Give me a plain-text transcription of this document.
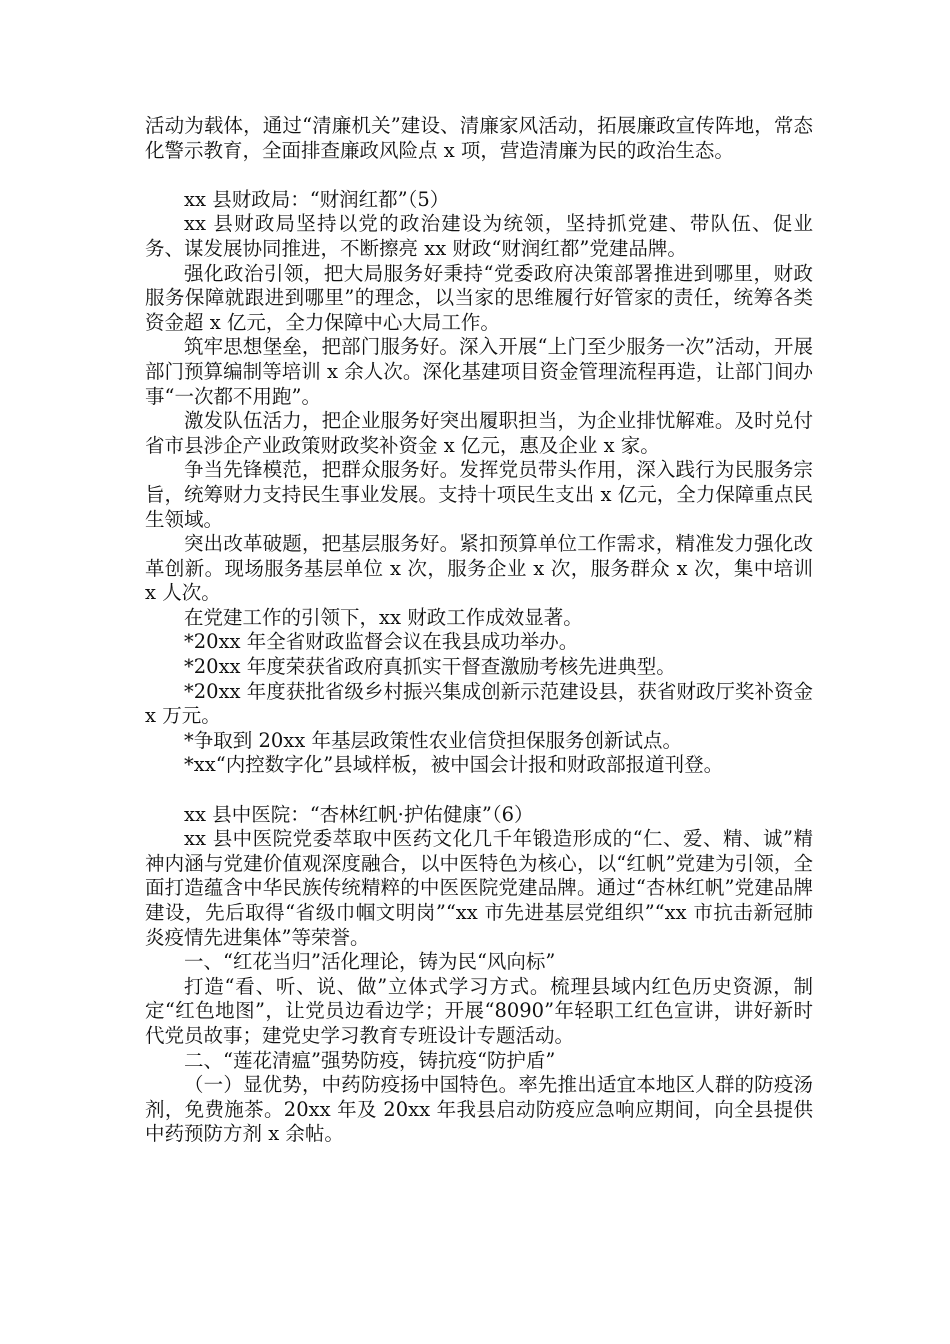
活动为载体，通过“清廉机关”建设、清廉家风活动，拓展廉政宣传阵地，常态化警示教育，全面排查廉政风险点 x 项，营造清廉为民的政治生态。

xx 县财政局：“财润红都”（5）

xx 县财政局坚持以党的政治建设为统领，坚持抓党建、带队伍、促业务、谋发展协同推进，不断擦亮 xx 财政“财润红都”党建品牌。

强化政治引领，把大局服务好秉持“党委政府决策部署推进到哪里，财政服务保障就跟进到哪里”的理念，以当家的思维履行好管家的责任，统筹各类资金超 x 亿元，全力保障中心大局工作。

筑牢思想堡垒，把部门服务好。深入开展“上门至少服务一次”活动，开展部门预算编制等培训 x 余人次。深化基建项目资金管理流程再造，让部门间办事“一次都不用跑”。

激发队伍活力，把企业服务好突出履职担当，为企业排忧解难。及时兑付省市县涉企产业政策财政奖补资金 x 亿元，惠及企业 x 家。

争当先锋模范，把群众服务好。发挥党员带头作用，深入践行为民服务宗旨，统筹财力支持民生事业发展。支持十项民生支出 x 亿元，全力保障重点民生领域。

突出改革破题，把基层服务好。紧扣预算单位工作需求，精准发力强化改革创新。现场服务基层单位 x 次，服务企业 x 次，服务群众 x 次，集中培训 x 人次。

在党建工作的引领下，xx 财政工作成效显著。

*20xx 年全省财政监督会议在我县成功举办。

*20xx 年度荣获省政府真抓实干督查激励考核先进典型。

*20xx 年度获批省级乡村振兴集成创新示范建设县，获省财政厅奖补资金 x 万元。

*争取到 20xx 年基层政策性农业信贷担保服务创新试点。

*xx“内控数字化”县域样板，被中国会计报和财政部报道刊登。

xx 县中医院：“杏林红帆·护佑健康”（6）

xx 县中医院党委萃取中医药文化几千年锻造形成的“仁、爱、精、诚”精神内涵与党建价值观深度融合，以中医特色为核心，以“红帆”党建为引领，全面打造蕴含中华民族传统精粹的中医医院党建品牌。通过“杏林红帆”党建品牌建设，先后取得“省级巾帼文明岗”“xx 市先进基层党组织”“xx 市抗击新冠肺炎疫情先进集体”等荣誉。

一、“红花当归”活化理论，铸为民“风向标”

打造“看、听、说、做”立体式学习方式。梳理县域内红色历史资源，制定“红色地图”，让党员边看边学；开展“8090”年轻职工红色宣讲，讲好新时代党员故事；建党史学习教育专班设计专题活动。

二、“莲花清瘟”强势防疫，铸抗疫“防护盾”

（一）显优势，中药防疫扬中国特色。率先推出适宜本地区人群的防疫汤剂，免费施茶。20xx 年及 20xx 年我县启动防疫应急响应期间，向全县提供中药预防方剂 x 余帖。
